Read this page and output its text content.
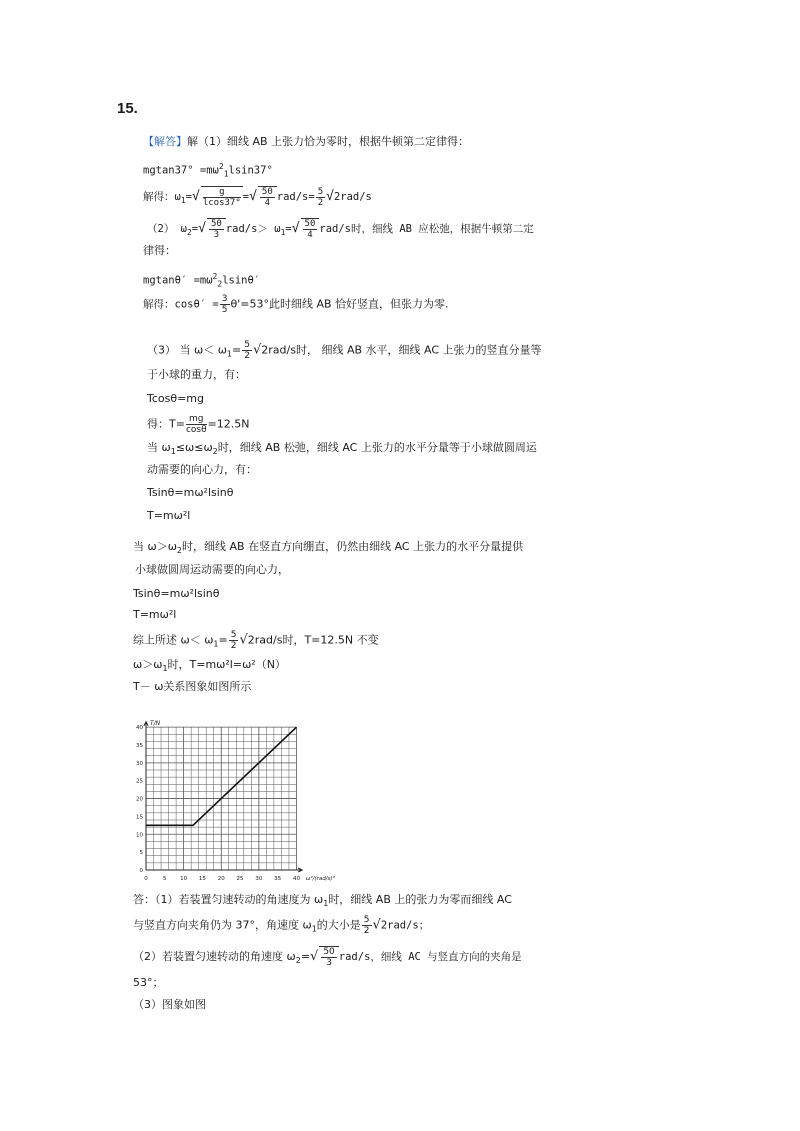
15.
【解答】解（1）细线 AB 上张力恰为零时，根据牛顿第二定律得：
$mgtan37^\circ =m\omega^2_1lsin37^\circ$
解得：$\omega_1=√ \frac{g}{lcos37^\circ}$ =√ $\frac{50}{4} rad/s= \frac{5}{2} √2rad/s$
（2） $\omega_2=√ \frac{50}{3} rad/s> \omega_1=√ \frac{50}{4} rad/s$时，细线 AB 应松弛，根据牛顿第二定
律得：
$mgtan\theta' =m\omega^2_2lsin\theta'$
解得：$\cos\theta' = \frac{3}{5} \theta'=53^\circ$此时细线 AB 恰好竖直，但张力为零.
（3） 当 $\omega< \omega_1= \frac{5}{2} √2rad/s$时， 细线 AB 水平，细线 AC 上张力的竖直分量等
于小球的重力，有：
Tcosθ=mg
得：$T= \frac{mg}{\cos\theta} =12.5N$
当 $\omega_1\le\omega\le\omega_2$时，细线 AB 松弛，细线 AC 上张力的水平分量等于小球做圆周运
动需要的向心力，有：
Tsinθ=mω²lsinθ
T=mω²l
当 $\omega>\omega_2$时，细线 AB 在竖直方向绷直，仍然由细线 AC 上张力的水平分量提供
小球做圆周运动需要的向心力，
Tsinθ=mω²lsinθ
T=mω²l
综上所述 $\omega< \omega_1= \frac{5}{2} √2rad/s$时，T=12.5N 不变
$\omega>\omega_1$时，T=mω²l=ω²（N）
T－ ω关系图象如图所示
0	5 10 15 20 25 30 35 40
0
5
10
15
20
25
30
35
40
T/N
ω²/(rad/s)²
答：（1）若装置匀速转动的角速度为 $\omega_1$时，细线 AB 上的张力为零而细线 AC
与竖直方向夹角仍为 37°，角速度 $\omega_1$的大小是 $\frac{5}{2} √2rad/s$；
（2）若装置匀速转动的角速度 $\omega_2=√ \frac{50}{3} rad/s$，细线 AC 与竖直方向的夹角是
53°；
（3）图象如图
